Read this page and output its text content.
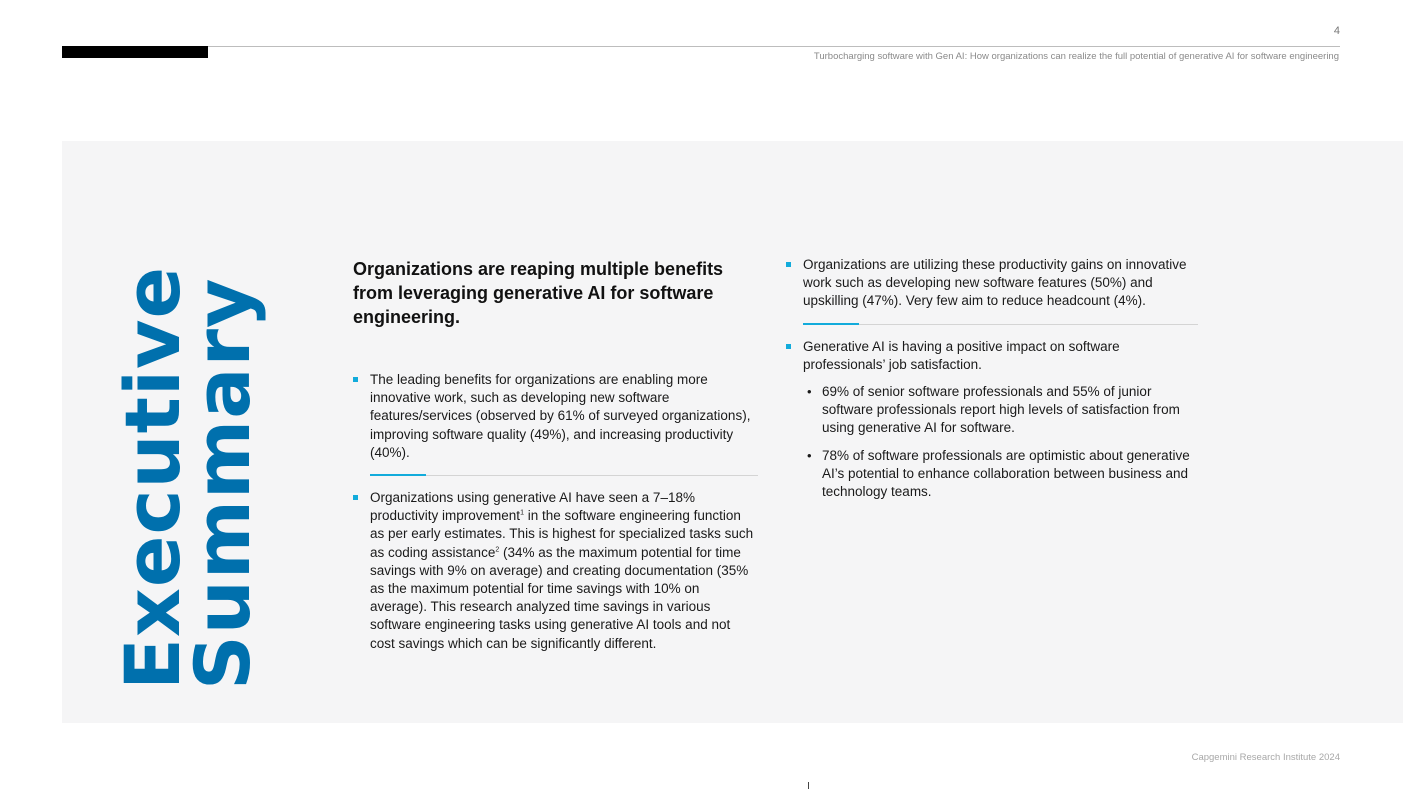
4
Turbocharging software with Gen AI: How organizations can realize the full potential of generative AI for software engineering
Executive
Summary
Organizations are reaping multiple benefits from leveraging generative AI for software engineering.
The leading benefits for organizations are enabling more innovative work, such as developing new software features/services (observed by 61% of surveyed organizations), improving software quality (49%), and increasing productivity (40%).
Organizations using generative AI have seen a 7–18% productivity improvement$^1$ in the software engineering function as per early estimates. This is highest for specialized tasks such as coding assistance$^2$ (34% as the maximum potential for time savings with 9% on average) and creating documentation (35% as the maximum potential for time savings with 10% on average). This research analyzed time savings in various software engineering tasks using generative AI tools and not cost savings which can be significantly different.
Organizations are utilizing these productivity gains on innovative work such as developing new software features (50%) and upskilling (47%). Very few aim to reduce headcount (4%).
Generative AI is having a positive impact on software professionals’ job satisfaction.
• 69% of senior software professionals and 55% of junior software professionals report high levels of satisfaction from using generative AI for software.
• 78% of software professionals are optimistic about generative AI’s potential to enhance collaboration between business and technology teams.
Capgemini Research Institute 2024
